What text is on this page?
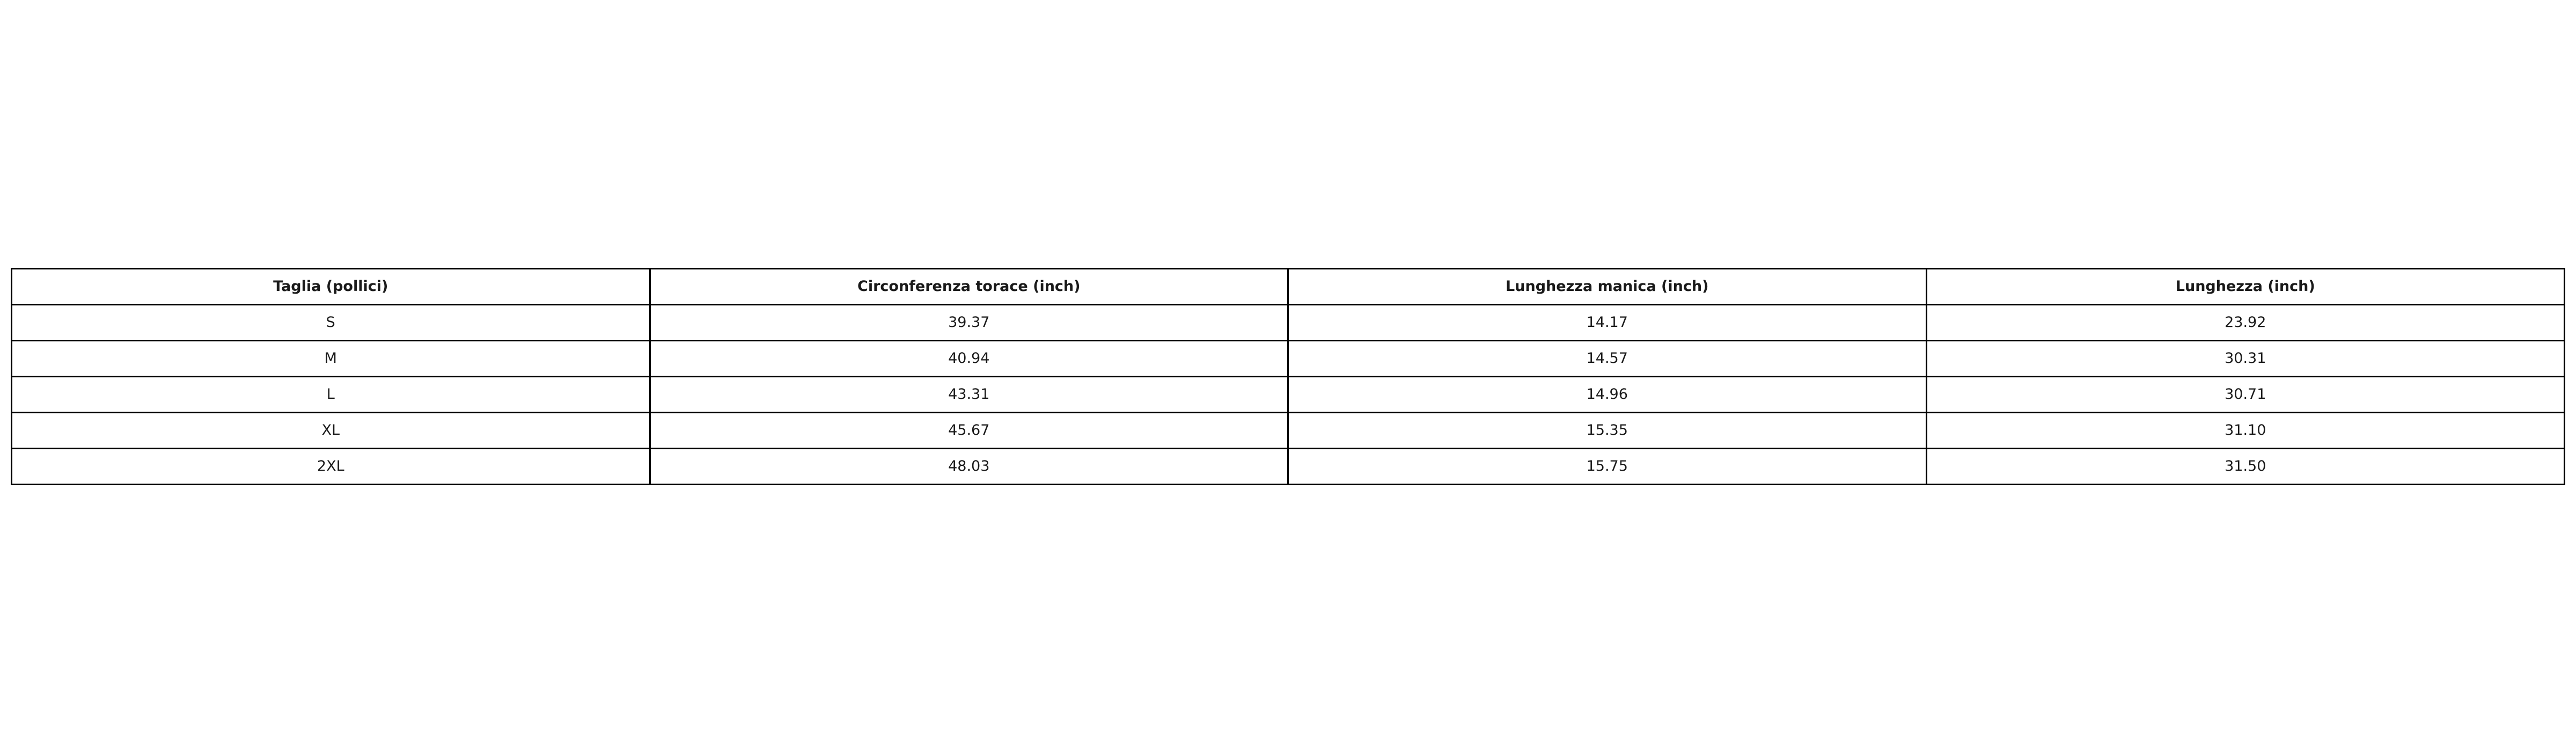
Taglia (pollici)	Circonferenza torace (inch)	Lunghezza manica (inch)	Lunghezza (inch)
S	39.37	14.17	23.92
M	40.94	14.57	30.31
L	43.31	14.96	30.71
XL	45.67	15.35	31.10
2XL	48.03	15.75	31.50
